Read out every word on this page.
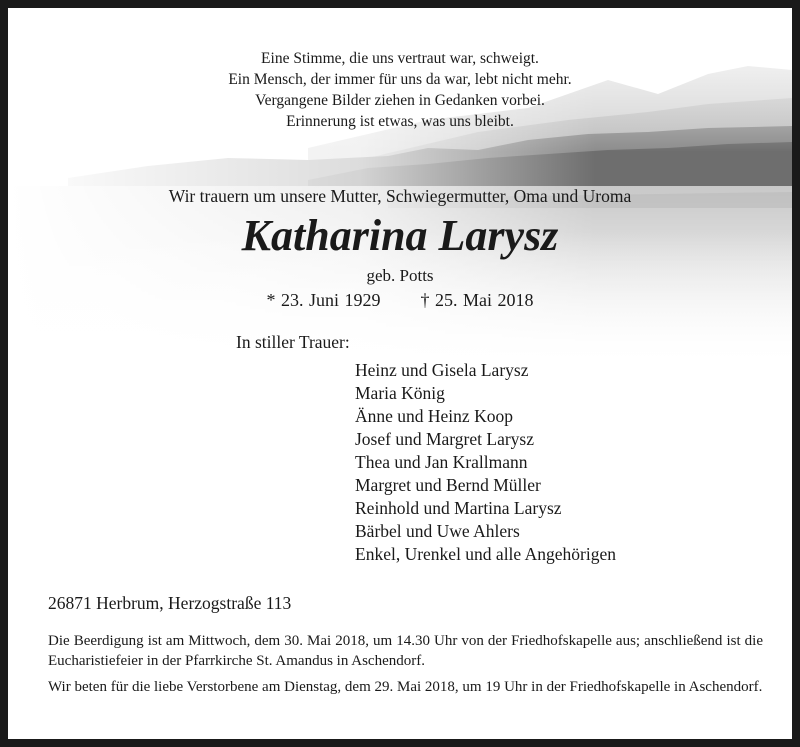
Eine Stimme, die uns vertraut war, schweigt.
Ein Mensch, der immer für uns da war, lebt nicht mehr.
Vergangene Bilder ziehen in Gedanken vorbei.
Erinnerung ist etwas, was uns bleibt.
Wir trauern um unsere Mutter, Schwiegermutter, Oma und Uroma
Katharina Larysz
geb. Potts
* 23. Juni 1929 † 25. Mai 2018
In stiller Trauer:
Heinz und Gisela Larysz
Maria König
Änne und Heinz Koop
Josef und Margret Larysz
Thea und Jan Krallmann
Margret und Bernd Müller
Reinhold und Martina Larysz
Bärbel und Uwe Ahlers
Enkel, Urenkel und alle Angehörigen
26871 Herbrum, Herzogstraße 113

Die Beerdigung ist am Mittwoch, dem 30. Mai 2018, um 14.30 Uhr von der Friedhofskapelle aus; anschließend ist die Eucharistiefeier in der Pfarrkirche St. Amandus in Aschendorf.

Wir beten für die liebe Verstorbene am Dienstag, dem 29. Mai 2018, um 19 Uhr in der Friedhofskapelle in Aschendorf.
